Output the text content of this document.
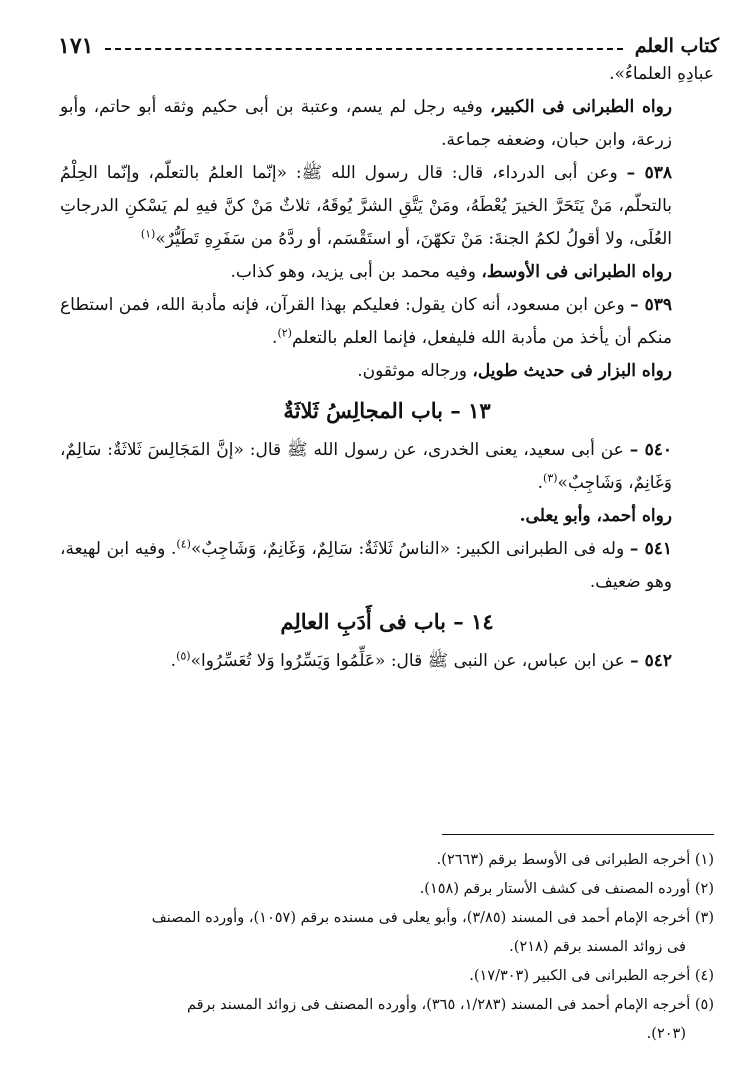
كتاب العلم
١٧١

عبادِهِ العلماءُ».

رواه الطبرانى فى الكبير، وفيه رجل لم يسم، وعتبة بن أبى حكيم وثقه أبو حاتم، وأبو زرعة، وابن حبان، وضعفه جماعة.

٥٣٨ – وعن أبى الدرداء، قال: قال رسول الله ﷺ: «إنّما العلمُ بالتعلّم، وإنّما الحِلْمُ بالتحلّم، مَنْ يَتَحَرَّ الخيرَ يُعْطَهُ، ومَنْ يَتَّقِ الشرَّ يُوقَهُ، ثلاثٌ مَنْ كنَّ فيهِ لم يَسْكنِ الدرجاتِ العُلَى، ولا أقولُ لكمُ الجنةَ: مَنْ تكهّنَ، أو استَقْسَم، أو ردَّهُ من سَفَرِهِ تَطَيُّرٌ»$^{(١)}$

رواه الطبرانى فى الأوسط، وفيه محمد بن أبى يزيد، وهو كذاب.

٥٣٩ – وعن ابن مسعود، أنه كان يقول: فعليكم بهذا القرآن، فإنه مأدبة الله، فمن استطاع منكم أن يأخذ من مأدبة الله فليفعل، فإنما العلم بالتعلم$^{(٢)}$.

رواه البزار فى حديث طويل، ورجاله موثقون.

١٣ – باب المجالِسُ ثَلاثَةٌ

٥٤٠ – عن أبى سعيد، يعنى الخدرى، عن رسول الله ﷺ قال: «إنَّ المَجَالِسَ ثَلاثَةٌ: سَالِمٌ، وَغَانِمٌ، وَشَاجِبٌ»$^{(٣)}$.

رواه أحمد، وأبو يعلى.

٥٤١ – وله فى الطبرانى الكبير: «الناسُ ثَلاثَةٌ: سَالِمٌ، وَغَانِمٌ، وَشَاجِبٌ»$^{(٤)}$. وفيه ابن لهيعة، وهو ضعيف.

١٤ – باب فى أَدَبِ العالِم

٥٤٢ – عن ابن عباس، عن النبى ﷺ قال: «عَلِّمُوا وَيَسِّرُوا وَلا تُعَسِّرُوا»$^{(٥)}$.

(١) أخرجه الطبرانى فى الأوسط برقم (٢٦٦٣).

(٢) أورده المصنف فى كشف الأستار برقم (١٥٨).

(٣) أخرجه الإمام أحمد فى المسند (٣/٨٥)، وأبو يعلى فى مسنده برقم (١٠٥٧)، وأورده المصنف

فى زوائد المسند برقم (٢١٨).

(٤) أخرجه الطبرانى فى الكبير (١٧/٣٠٣).

(٥) أخرجه الإمام أحمد فى المسند (١/٢٨٣، ٣٦٥)، وأورده المصنف فى زوائد المسند برقم

(٢٠٣).
